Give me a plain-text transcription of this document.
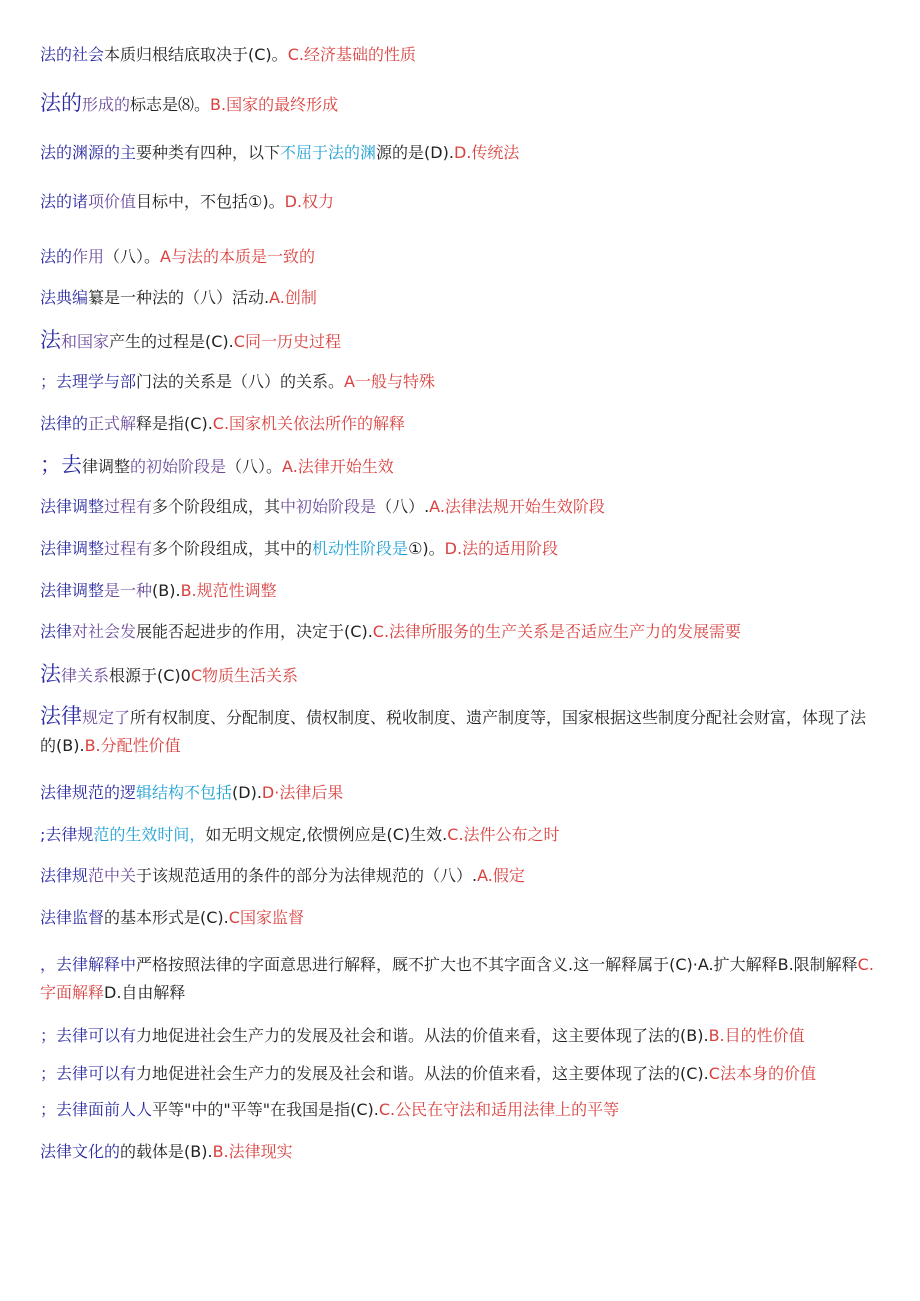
法的社会本质归根结底取决于(C)。C.经济基础的性质
法的形成的标志是⑻。B.国家的最终形成
法的渊源的主要种类有四种，以下不屈于法的渊源的是(D).D.传统法
法的诸项价值目标中，不包括①)。D.权力
法的作用（八）。A与法的本质是一致的
法典编纂是一种法的（八）活动.A.创制
法和国家产生的过程是(C).C同一历史过程
；去理学与部门法的关系是（八）的关系。A一般与特殊
法律的正式解释是指(C).C.国家机关依法所作的解释
；去律调整的初始阶段是（八）。A.法律开始生效
法律调整过程有多个阶段组成，其中初始阶段是（八）.A.法律法规开始生效阶段
法律调整过程有多个阶段组成，其中的机动性阶段是①)。D.法的适用阶段
法律调整是一种(B).B.规范性调整
法律对社会发展能否起进步的作用，决定于(C).C.法律所服务的生产关系是否适应生产力的发展需要
法律关系根源于(C)0C物质生活关系
法律规定了所有权制度、分配制度、债权制度、税收制度、遗产制度等，国家根据这些制度分配社会财富，体现了法的(B).B.分配性价值
法律规范的逻辑结构不包括(D).D·法律后果
;去律规范的生效时间，如无明文规定,依惯例应是(C)生效.C.法件公布之时
法律规范中关于该规范适用的条件的部分为法律规范的（八）.A.假定
法律监督的基本形式是(C).C国家监督
，去律解释中严格按照法律的字面意思进行解释，厩不扩大也不其字面含义.这一解释属于(C)·A.扩大解释B.限制解释C.字面解释D.自由解释
；去律可以有力地促进社会生产力的发展及社会和谐。从法的价值来看，这主要体现了法的(B).B.目的性价值
；去律可以有力地促进社会生产力的发展及社会和谐。从法的价值来看，这主要体现了法的(C).C法本身的价值
；去律面前人人平等"中的"平等"在我国是指(C).C.公民在守法和适用法律上的平等
法律文化的的载体是(B).B.法律现实
